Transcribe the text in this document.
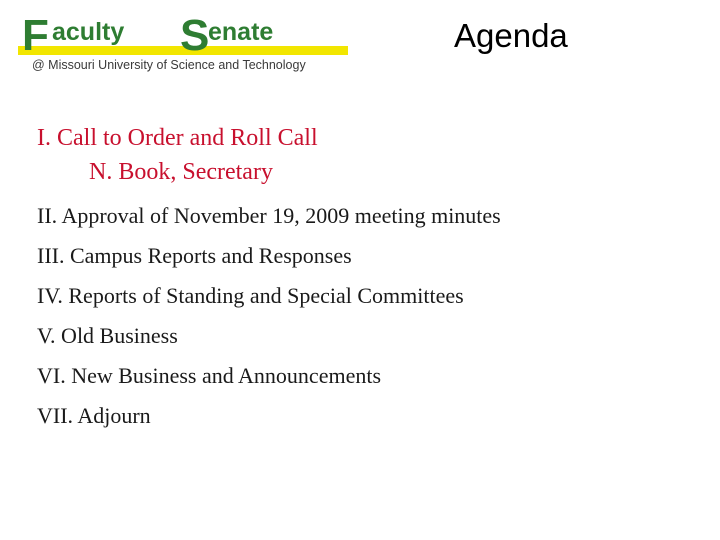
F aculty S
enate
@ Missouri University of Science and Technology
Agenda
I. Call to Order and Roll Call
N. Book, Secretary
II. Approval of November 19, 2009 meeting minutes
III. Campus Reports and Responses
IV. Reports of Standing and Special Committees
V. Old Business
VI. New Business and Announcements
VII. Adjourn
